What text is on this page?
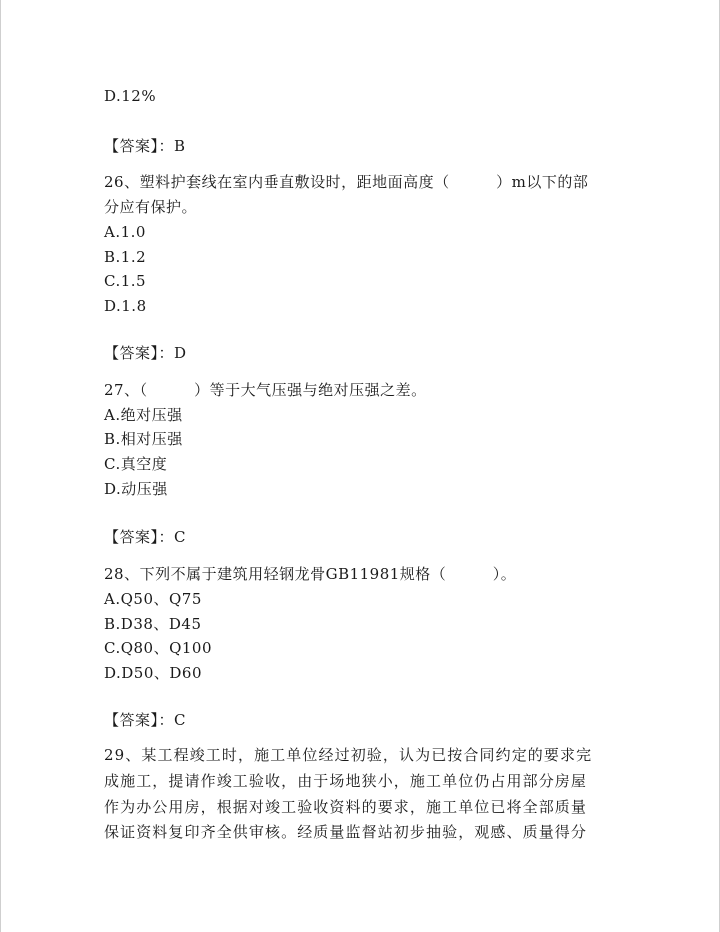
D.12%
【答案】：B
26、塑料护套线在室内垂直敷设时，距地面高度（　　　）m以下的部
分应有保护。
A.1.0
B.1.2
C.1.5
D.1.8
【答案】：D
27、（　　　）等于大气压强与绝对压强之差。
A.绝对压强
B.相对压强
C.真空度
D.动压强
【答案】：C
28、下列不属于建筑用轻钢龙骨GB11981规格（　　　）。
A.Q50、Q75
B.D38、D45
C.Q80、Q100
D.D50、D60
【答案】：C
29、某工程竣工时，施工单位经过初验，认为已按合同约定的要求完
成施工，提请作竣工验收，由于场地狭小，施工单位仍占用部分房屋
作为办公用房，根据对竣工验收资料的要求，施工单位已将全部质量
保证资料复印齐全供审核。经质量监督站初步抽验，观感、质量得分
